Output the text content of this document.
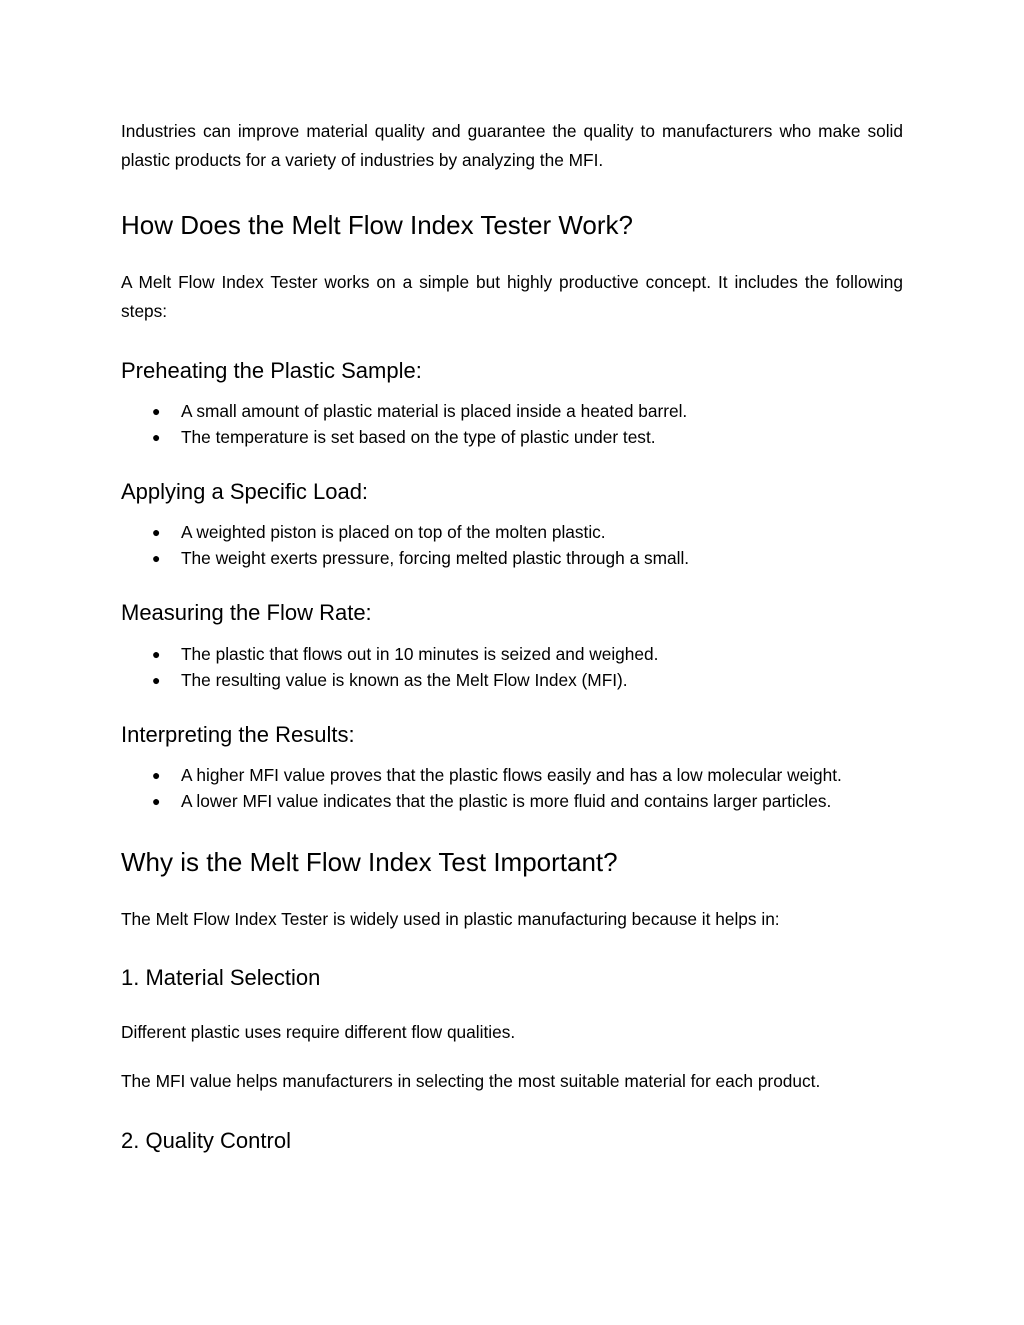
Industries can improve material quality and guarantee the quality to manufacturers who make solid plastic products for a variety of industries by analyzing the MFI.

How Does the Melt Flow Index Tester Work?

A Melt Flow Index Tester works on a simple but highly productive concept. It includes the following steps:

Preheating the Plastic Sample:
● A small amount of plastic material is placed inside a heated barrel.
● The temperature is set based on the type of plastic under test.
Applying a Specific Load:
● A weighted piston is placed on top of the molten plastic.
● The weight exerts pressure, forcing melted plastic through a small.
Measuring the Flow Rate:
● The plastic that flows out in 10 minutes is seized and weighed.
● The resulting value is known as the Melt Flow Index (MFI).
Interpreting the Results:
● A higher MFI value proves that the plastic flows easily and has a low molecular weight.
● A lower MFI value indicates that the plastic is more fluid and contains larger particles.
Why is the Melt Flow Index Test Important?

The Melt Flow Index Tester is widely used in plastic manufacturing because it helps in:

1. Material Selection

Different plastic uses require different flow qualities.

The MFI value helps manufacturers in selecting the most suitable material for each product.

2. Quality Control
